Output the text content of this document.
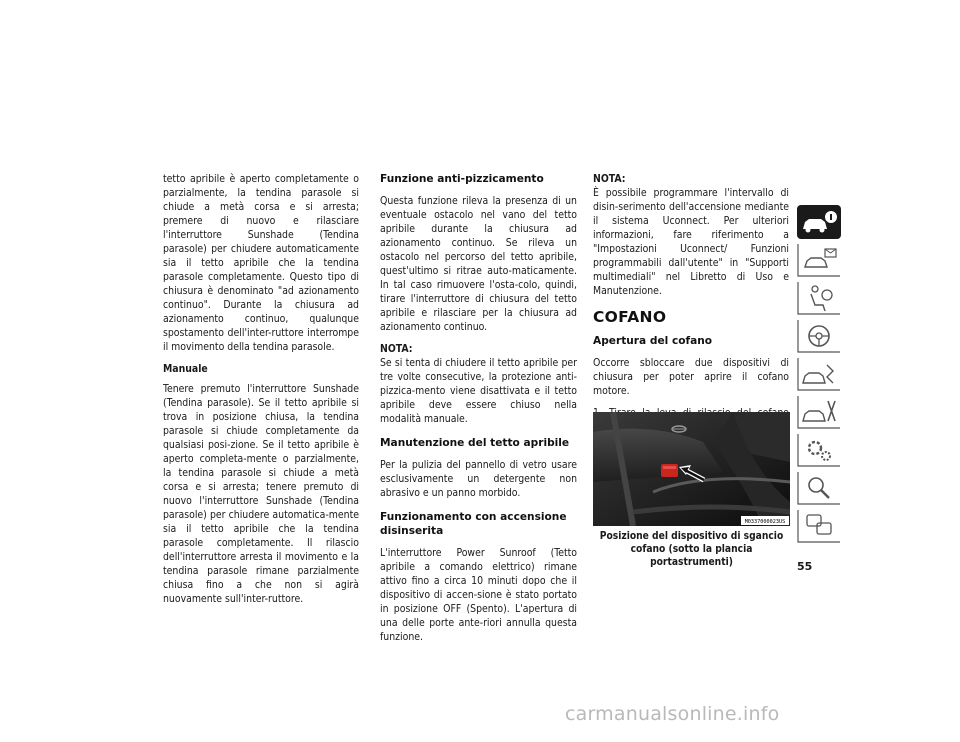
tetto apribile è aperto completamente o parzialmente, la tendina parasole si chiude a metà corsa e si arresta; premere di nuovo e rilasciare l'interruttore Sunshade (Tendina parasole) per chiudere automaticamente sia il tetto apribile che la tendina parasole completamente. Questo tipo di chiusura è denominato "ad azionamento continuo". Durante la chiusura ad azionamento continuo, qualunque spostamento dell'inter-ruttore interrompe il movimento della tendina parasole.

Manuale

Tenere premuto l'interruttore Sunshade (Tendina parasole). Se il tetto apribile si trova in posizione chiusa, la tendina parasole si chiude completamente da qualsiasi posi-zione. Se il tetto apribile è aperto completa-mente o parzialmente, la tendina parasole si chiude a metà corsa e si arresta; tenere premuto di nuovo l'interruttore Sunshade (Tendina parasole) per chiudere automatica-mente sia il tetto apribile che la tendina parasole completamente. Il rilascio dell'interruttore arresta il movimento e la tendina parasole rimane parzialmente chiusa fino a che non si agirà nuovamente sull'inter-ruttore.

Funzione anti-pizzicamento

Questa funzione rileva la presenza di un eventuale ostacolo nel vano del tetto apribile durante la chiusura ad azionamento continuo. Se rileva un ostacolo nel percorso del tetto apribile, quest'ultimo si ritrae auto-maticamente. In tal caso rimuovere l'osta-colo, quindi, tirare l'interruttore di chiusura del tetto apribile e rilasciare per la chiusura ad azionamento continuo.

NOTA:

Se si tenta di chiudere il tetto apribile per tre volte consecutive, la protezione anti-pizzica-mento viene disattivata e il tetto apribile deve essere chiuso nella modalità manuale.

Manutenzione del tetto apribile

Per la pulizia del pannello di vetro usare esclusivamente un detergente non abrasivo e un panno morbido.

Funzionamento con accensione disinserita

L'interruttore Power Sunroof (Tetto apribile a comando elettrico) rimane attivo fino a circa 10 minuti dopo che il dispositivo di accen-sione è stato portato in posizione OFF (Spento). L'apertura di una delle porte ante-riori annulla questa funzione.

NOTA:

È possibile programmare l'intervallo di disin-serimento dell'accensione mediante il sistema Uconnect. Per ulteriori informazioni, fare riferimento a "Impostazioni Uconnect/ Funzioni programmabili dall'utente" in "Supporti multimediali" nel Libretto di Uso e Manutenzione.

COFANO
Apertura del cofano

Occorre sbloccare due dispositivi di chiusura per poter aprire il cofano motore.

M0337000023US
Posizione del dispositivo di sgancio cofano (sotto la plancia portastrumenti)	55
carmanualsonline.info
